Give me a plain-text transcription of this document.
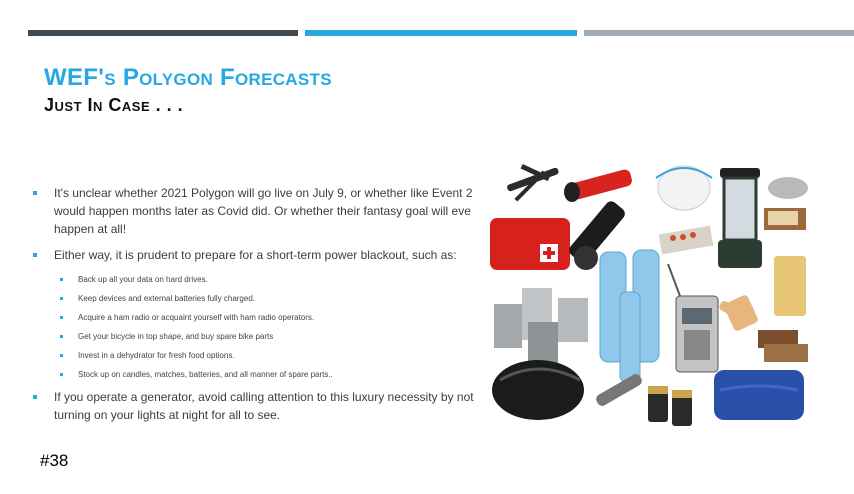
WEF's Polygon Forecasts
Just In Case . . .
It's unclear whether 2021 Polygon will go live on July 9, or whether like Event 2
would happen months later as Covid did. Or whether their fantasy goal will eve
happen at all!
Either way, it is prudent to prepare for a short-term power blackout, such as:
Back up all your data on hard drives.
Keep devices and external batteries fully charged.
Acquire a ham radio or acquaint yourself with ham radio operators.
Get your bicycle in top shape, and buy spare bike parts
Invest in a dehydrator for fresh food options.
Stock up on candles, matches, batteries, and all manner of spare parts..
If you operate a generator, avoid calling attention to this luxury necessity by not
turning on your lights at night for all to see.

#38
